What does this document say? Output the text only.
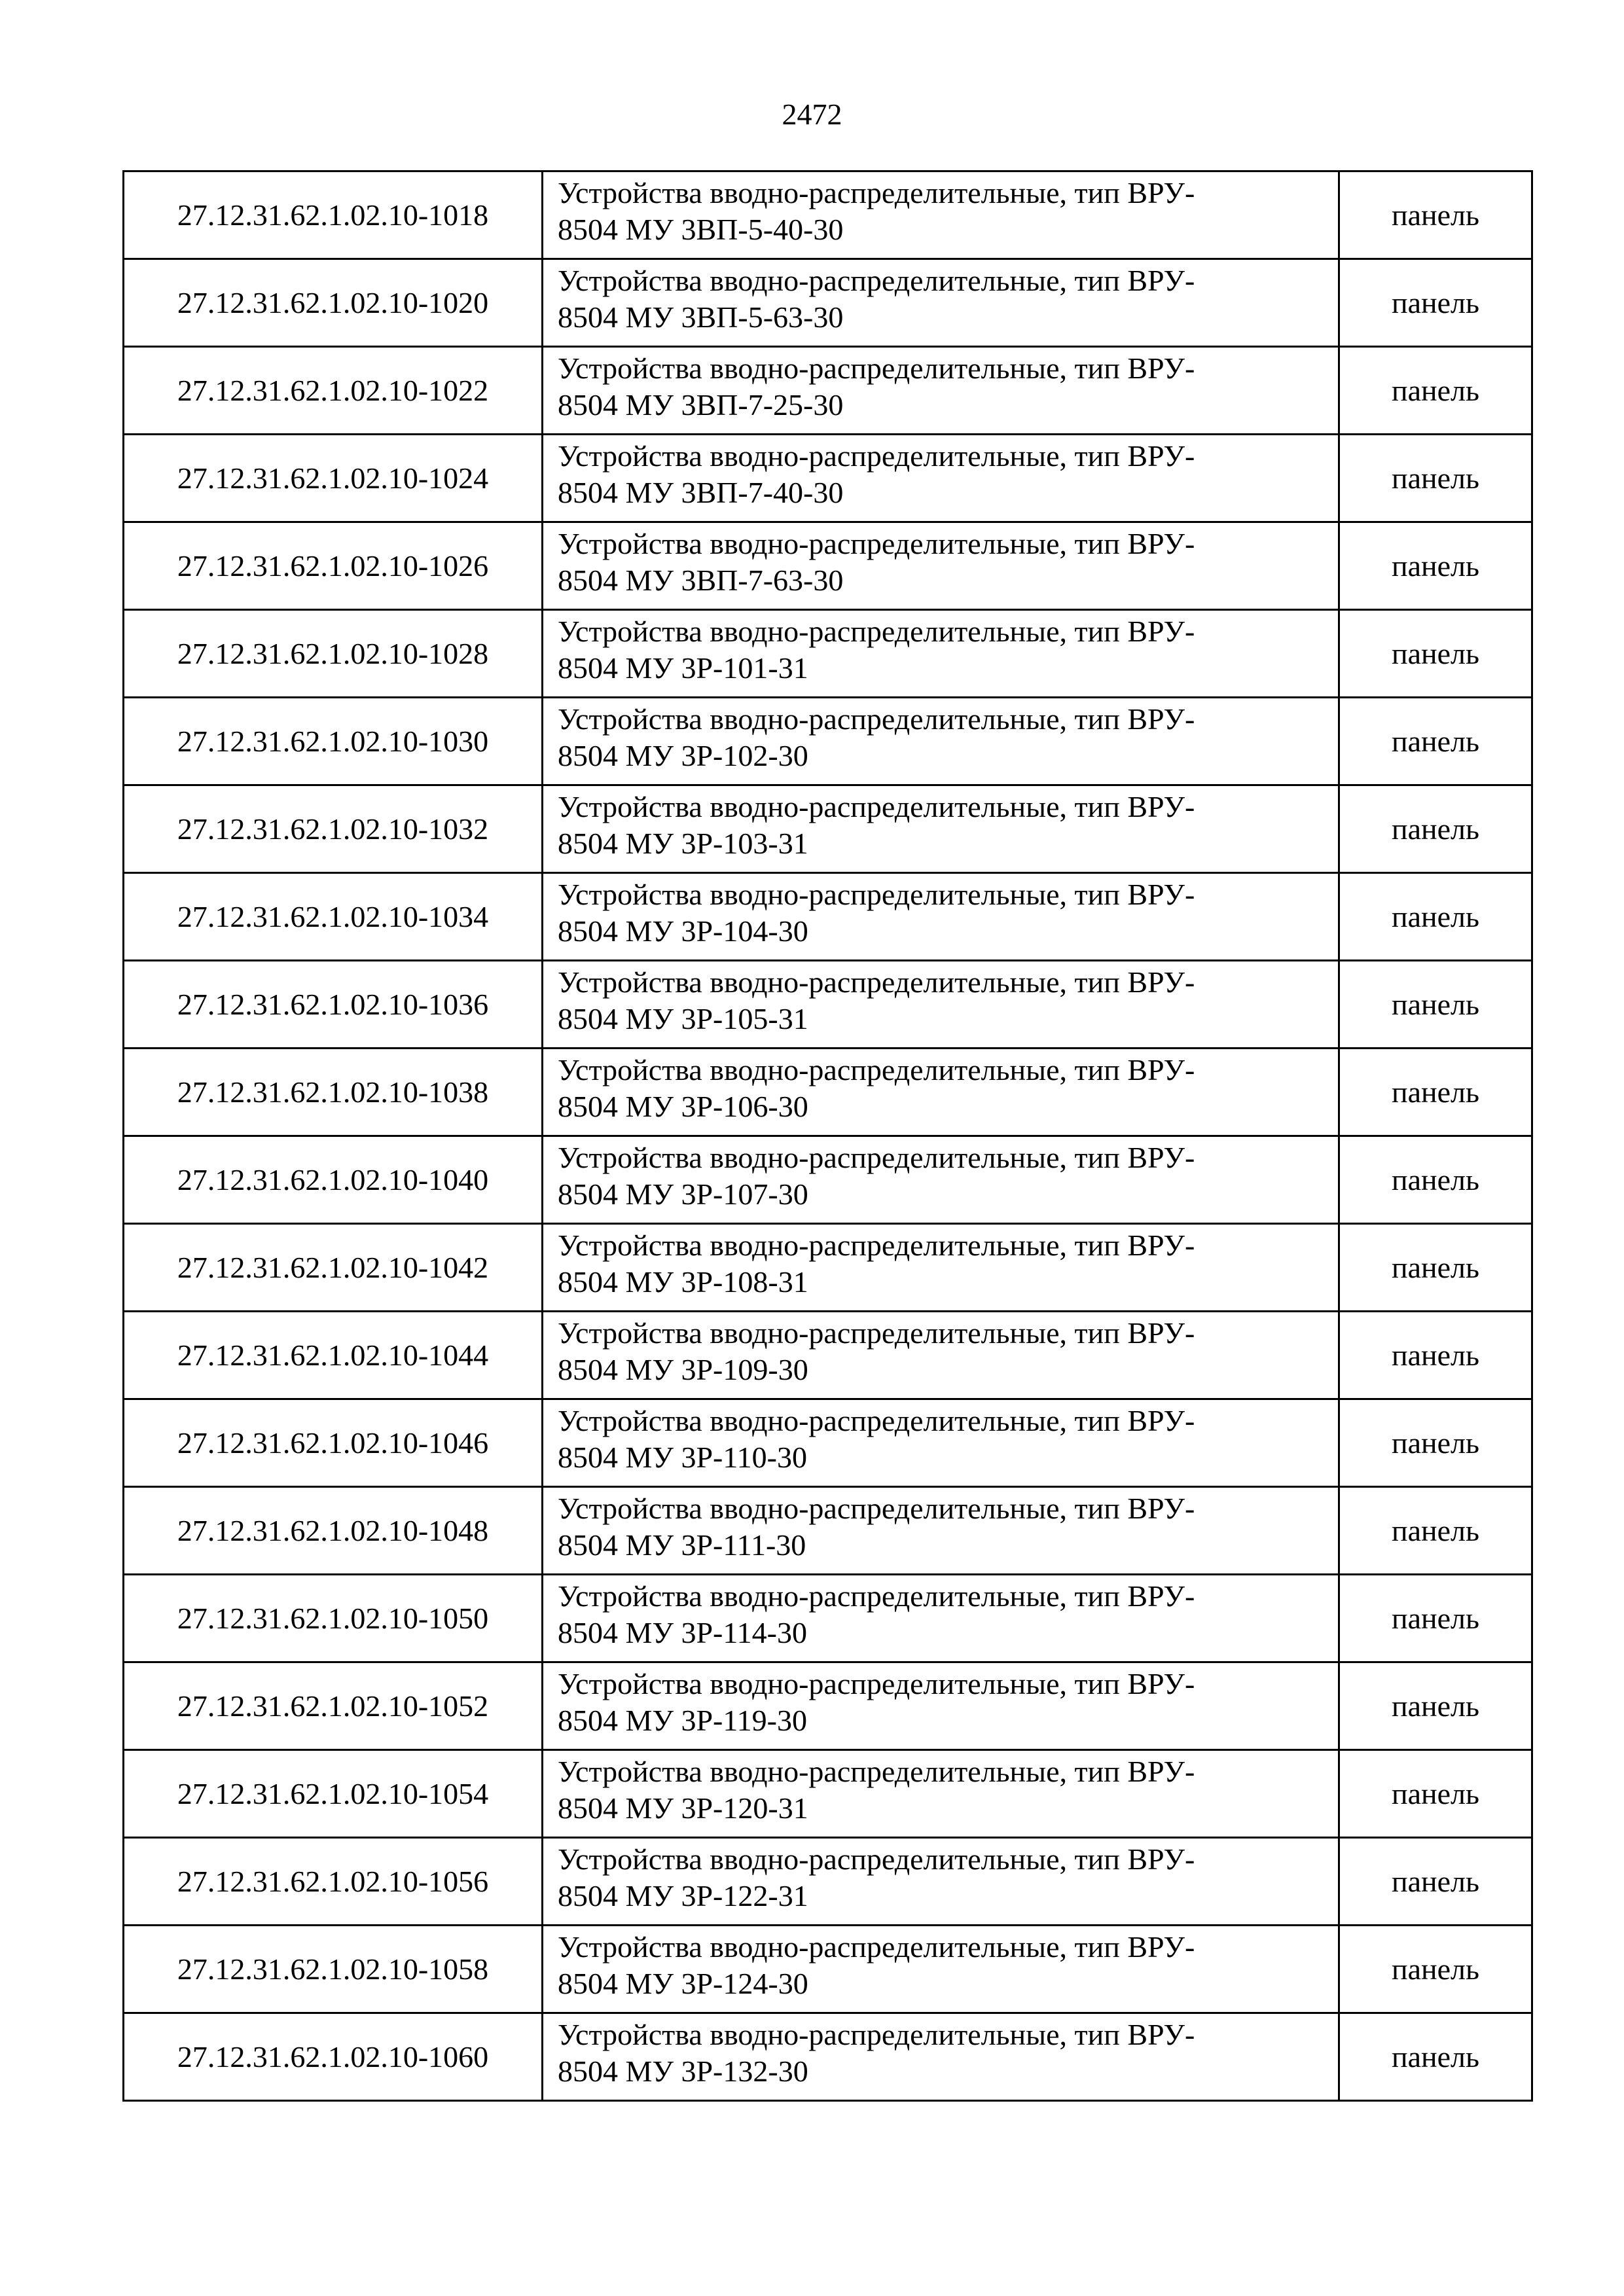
2472
27.12.31.62.1.02.10-1018	Устройства вводно-распределительные, тип ВРУ-
8504 МУ 3ВП-5-40-30	панель
27.12.31.62.1.02.10-1020	Устройства вводно-распределительные, тип ВРУ-
8504 МУ 3ВП-5-63-30	панель
27.12.31.62.1.02.10-1022	Устройства вводно-распределительные, тип ВРУ-
8504 МУ 3ВП-7-25-30	панель
27.12.31.62.1.02.10-1024	Устройства вводно-распределительные, тип ВРУ-
8504 МУ 3ВП-7-40-30	панель
27.12.31.62.1.02.10-1026	Устройства вводно-распределительные, тип ВРУ-
8504 МУ 3ВП-7-63-30	панель
27.12.31.62.1.02.10-1028	Устройства вводно-распределительные, тип ВРУ-
8504 МУ 3Р-101-31	панель
27.12.31.62.1.02.10-1030	Устройства вводно-распределительные, тип ВРУ-
8504 МУ 3Р-102-30	панель
27.12.31.62.1.02.10-1032	Устройства вводно-распределительные, тип ВРУ-
8504 МУ 3Р-103-31	панель
27.12.31.62.1.02.10-1034	Устройства вводно-распределительные, тип ВРУ-
8504 МУ 3Р-104-30	панель
27.12.31.62.1.02.10-1036	Устройства вводно-распределительные, тип ВРУ-
8504 МУ 3Р-105-31	панель
27.12.31.62.1.02.10-1038	Устройства вводно-распределительные, тип ВРУ-
8504 МУ 3Р-106-30	панель
27.12.31.62.1.02.10-1040	Устройства вводно-распределительные, тип ВРУ-
8504 МУ 3Р-107-30	панель
27.12.31.62.1.02.10-1042	Устройства вводно-распределительные, тип ВРУ-
8504 МУ 3Р-108-31	панель
27.12.31.62.1.02.10-1044	Устройства вводно-распределительные, тип ВРУ-
8504 МУ 3Р-109-30	панель
27.12.31.62.1.02.10-1046	Устройства вводно-распределительные, тип ВРУ-
8504 МУ 3Р-110-30	панель
27.12.31.62.1.02.10-1048	Устройства вводно-распределительные, тип ВРУ-
8504 МУ 3Р-111-30	панель
27.12.31.62.1.02.10-1050	Устройства вводно-распределительные, тип ВРУ-
8504 МУ 3Р-114-30	панель
27.12.31.62.1.02.10-1052	Устройства вводно-распределительные, тип ВРУ-
8504 МУ 3Р-119-30	панель
27.12.31.62.1.02.10-1054	Устройства вводно-распределительные, тип ВРУ-
8504 МУ 3Р-120-31	панель
27.12.31.62.1.02.10-1056	Устройства вводно-распределительные, тип ВРУ-
8504 МУ 3Р-122-31	панель
27.12.31.62.1.02.10-1058	Устройства вводно-распределительные, тип ВРУ-
8504 МУ 3Р-124-30	панель
27.12.31.62.1.02.10-1060	Устройства вводно-распределительные, тип ВРУ-
8504 МУ 3Р-132-30	панель
